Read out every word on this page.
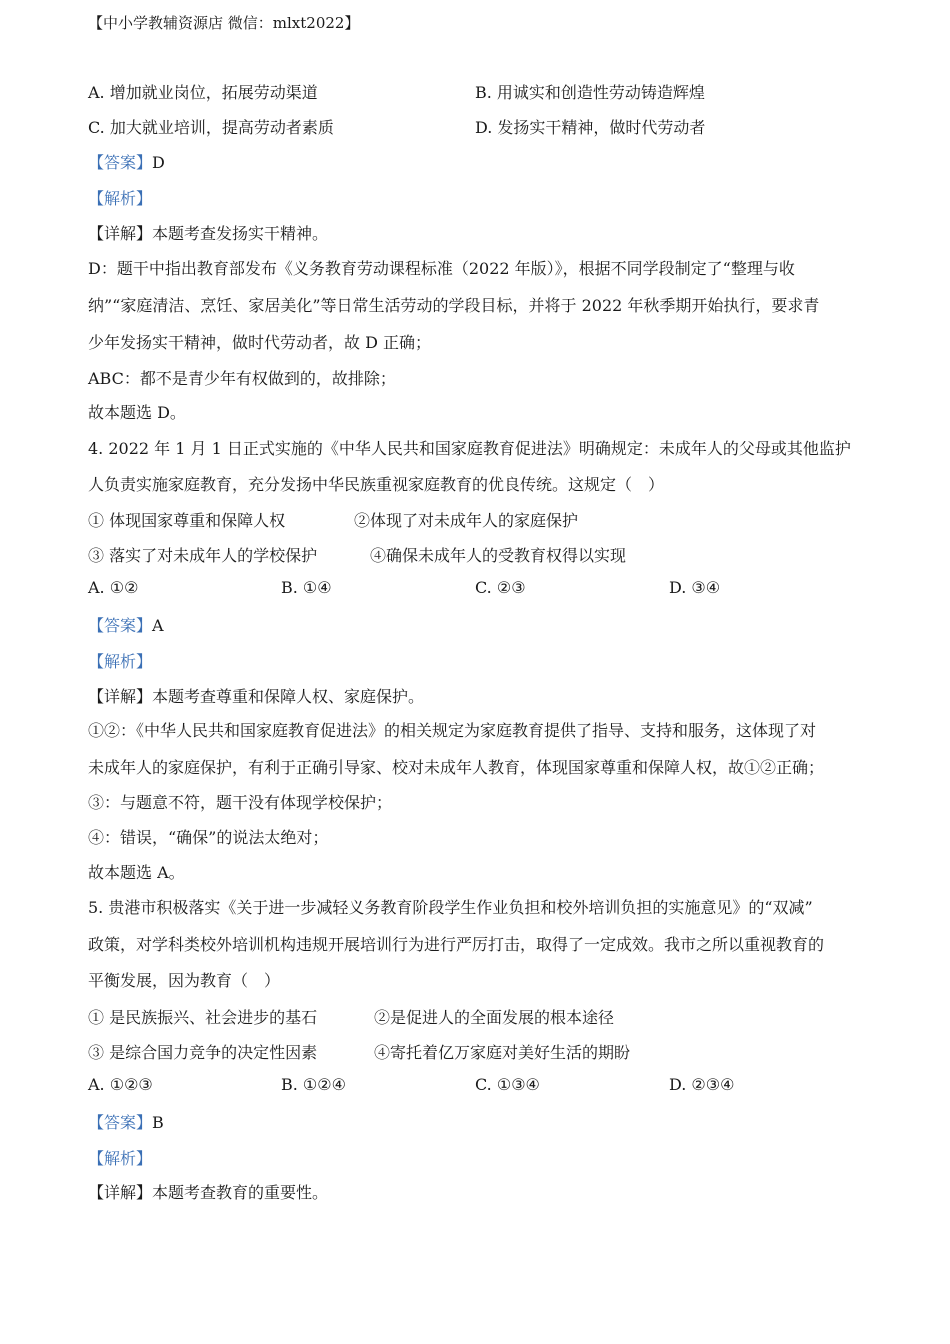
【中小学教辅资源店 微信：mlxt2022】
A. 增加就业岗位，拓展劳动渠道	B. 用诚实和创造性劳动铸造辉煌
C. 加大就业培训，提高劳动者素质	D. 发扬实干精神，做时代劳动者
【答案】D
【解析】
【详解】本题考查发扬实干精神。
D：题干中指出教育部发布《义务教育劳动课程标准（2022 年版）》，根据不同学段制定了“整理与收
纳”“家庭清洁、烹饪、家居美化”等日常生活劳动的学段目标，并将于 2022 年秋季期开始执行，要求青
少年发扬实干精神，做时代劳动者，故 D 正确；
ABC：都不是青少年有权做到的，故排除；
故本题选 D。
4. 2022 年 1 月 1 日正式实施的《中华人民共和国家庭教育促进法》明确规定：未成年人的父母或其他监护
人负责实施家庭教育，充分发扬中华民族重视家庭教育的优良传统。这规定（　）
① 体现国家尊重和保障人权	②体现了对未成年人的家庭保护
③ 落实了对未成年人的学校保护	④确保未成年人的受教育权得以实现
A. ①②	B. ①④	C. ②③	D. ③④
【答案】A
【解析】
【详解】本题考查尊重和保障人权、家庭保护。
①②：《中华人民共和国家庭教育促进法》的相关规定为家庭教育提供了指导、支持和服务，这体现了对
未成年人的家庭保护，有利于正确引导家、校对未成年人教育，体现国家尊重和保障人权，故①②正确；
③：与题意不符，题干没有体现学校保护；
④：错误，“确保”的说法太绝对；
故本题选 A。
5. 贵港市积极落实《关于进一步减轻义务教育阶段学生作业负担和校外培训负担的实施意见》的“双减”
政策，对学科类校外培训机构违规开展培训行为进行严厉打击，取得了一定成效。我市之所以重视教育的
平衡发展，因为教育（　）
① 是民族振兴、社会进步的基石	②是促进人的全面发展的根本途径
③ 是综合国力竞争的决定性因素	④寄托着亿万家庭对美好生活的期盼
A. ①②③	B. ①②④	C. ①③④	D. ②③④
【答案】B
【解析】
【详解】本题考查教育的重要性。
